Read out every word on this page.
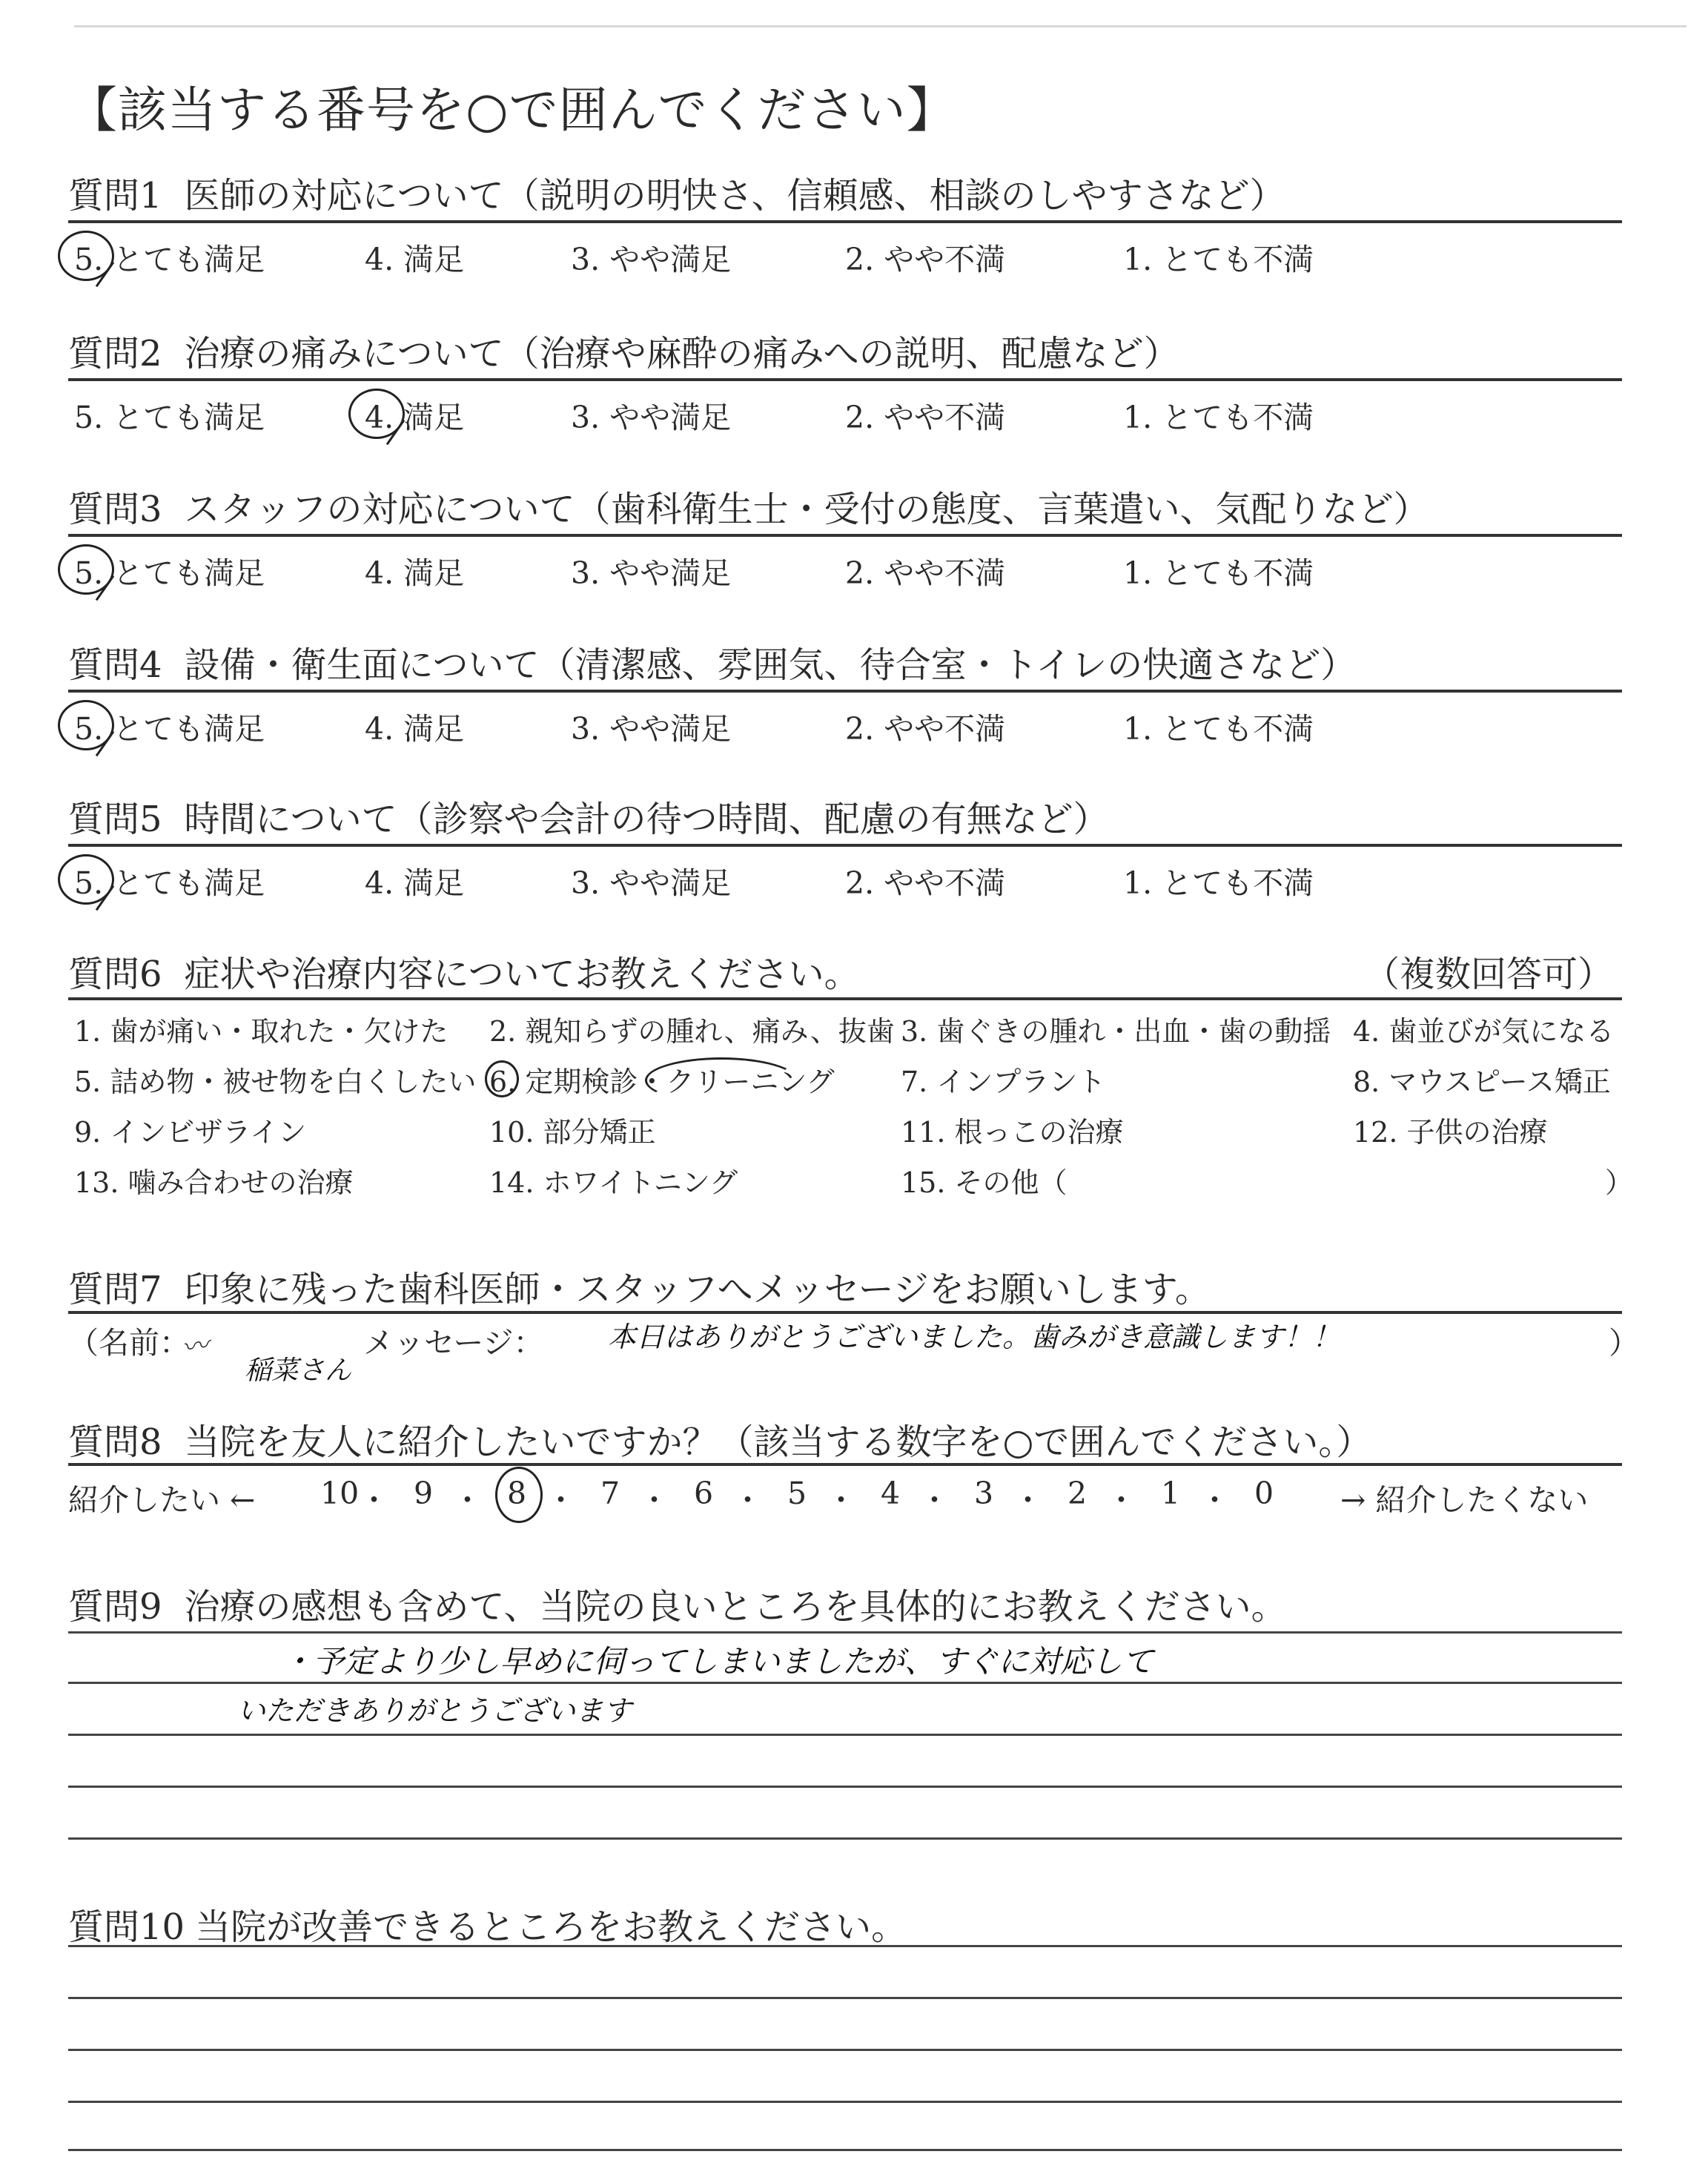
【該当する番号を○で囲んでください】
質問1 医師の対応について（説明の明快さ、信頼感、相談のしやすさなど）
5. とても満足	4. 満足	3. やや満足	2. やや不満	1. とても不満
質問2 治療の痛みについて（治療や麻酔の痛みへの説明、配慮など）
5. とても満足	4. 満足	3. やや満足	2. やや不満	1. とても不満
質問3 スタッフの対応について（歯科衛生士・受付の態度、言葉遣い、気配りなど）
5. とても満足	4. 満足	3. やや満足	2. やや不満	1. とても不満
質問4 設備・衛生面について（清潔感、雰囲気、待合室・トイレの快適さなど）
5. とても満足	4. 満足	3. やや満足	2. やや不満	1. とても不満
質問5 時間について（診察や会計の待つ時間、配慮の有無など）
5. とても満足	4. 満足	3. やや満足	2. やや不満	1. とても不満
質問6 症状や治療内容についてお教えください。	（複数回答可）
1. 歯が痛い・取れた・欠けた 2. 親知らずの腫れ、痛み、抜歯 3. 歯ぐきの腫れ・出血・歯の動揺 4. 歯並びが気になる
5. 詰め物・被せ物を白くしたい 6. 定期検診・クリーニング 7. インプラント	8. マウスピース矯正
9. インビザライン	10. 部分矯正	11. 根っこの治療	12. 子供の治療
13. 噛み合わせの治療	14. ホワイトニング	15. その他（	）
質問7 印象に残った歯科医師・スタッフへメッセージをお願いします。
（名前：
〰
稲菜さん
メッセージ： 本日はありがとうございました。歯みがき意識します！！	）
質問8 当院を友人に紹介したいですか？（該当する数字を○で囲んでください。）
紹介したい ← 10 ・ 9 ・ 8 ・ 7 ・ 6 ・ 5 ・ 4 ・ 3 ・ 2 ・ 1 ・ 0 → 紹介したくない
質問9 治療の感想も含めて、当院の良いところを具体的にお教えください。
・予定より少し早めに伺ってしまいましたが、すぐに対応して
いただきありがとうございます
質問10 当院が改善できるところをお教えください。
